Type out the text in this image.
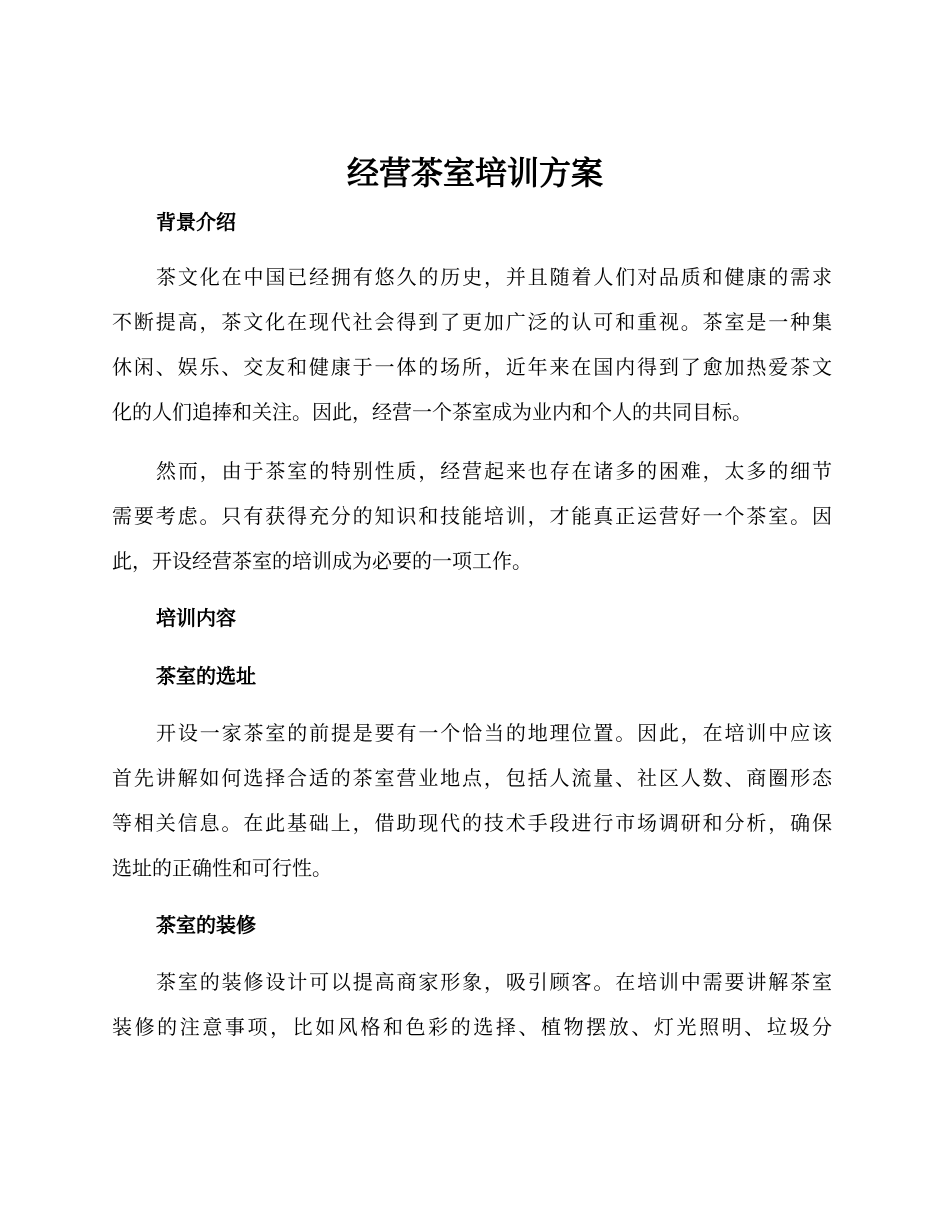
经营茶室培训方案
背景介绍
茶文化在中国已经拥有悠久的历史，并且随着人们对品质和健康的需求
不断提高，茶文化在现代社会得到了更加广泛的认可和重视。茶室是一种集
休闲、娱乐、交友和健康于一体的场所，近年来在国内得到了愈加热爱茶文
化的人们追捧和关注。因此，经营一个茶室成为业内和个人的共同目标。
然而，由于茶室的特别性质，经营起来也存在诸多的困难，太多的细节
需要考虑。只有获得充分的知识和技能培训，才能真正运营好一个茶室。因
此，开设经营茶室的培训成为必要的一项工作。
培训内容
茶室的选址
开设一家茶室的前提是要有一个恰当的地理位置。因此，在培训中应该
首先讲解如何选择合适的茶室营业地点，包括人流量、社区人数、商圈形态
等相关信息。在此基础上，借助现代的技术手段进行市场调研和分析，确保
选址的正确性和可行性。
茶室的装修
茶室的装修设计可以提高商家形象，吸引顾客。在培训中需要讲解茶室
装修的注意事项，比如风格和色彩的选择、植物摆放、灯光照明、垃圾分
